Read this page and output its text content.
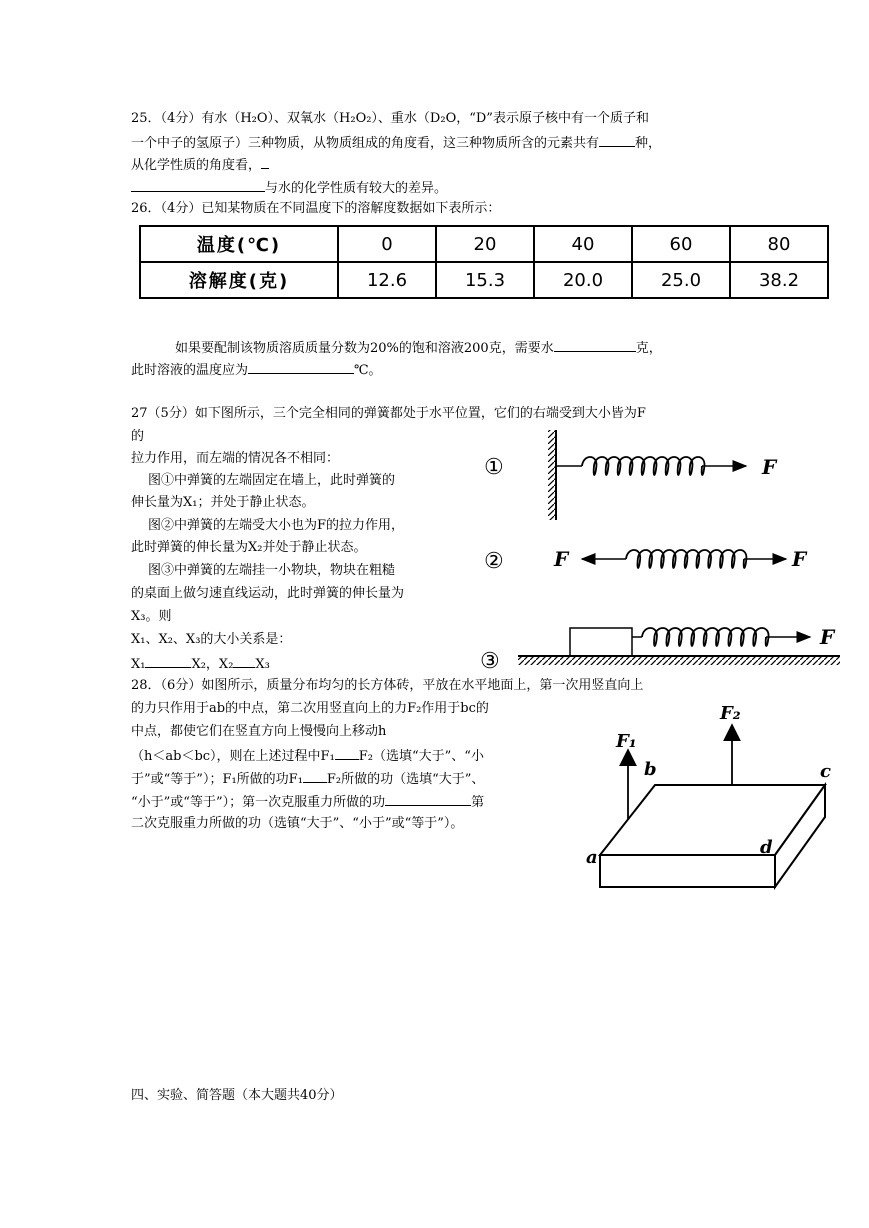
25．（4分）有水（H₂O）、双氧水（H₂O₂）、重水（D₂O，“D”表示原子核中有一个质子和
一个中子的氢原子）三种物质，从物质组成的角度看，这三种物质所含的元素共有	种，
从化学性质的角度看，
与水的化学性质有较大的差异。
26．（4分）已知某物质在不同温度下的溶解度数据如下表所示：
温度(℃)	0	20	40	60	80
溶解度(克)	12.6	15.3	20.0	25.0	38.2
如果要配制该物质溶质质量分数为20%的饱和溶液200克，需要水	克，
此时溶液的温度应为	℃。
27（5分）如下图所示，三个完全相同的弹簧都处于水平位置，它们的右端受到大小皆为F
的
拉力作用，而左端的情况各不相同：
图①中弹簧的左端固定在墙上，此时弹簧的
伸长量为X₁；并处于静止状态。
图②中弹簧的左端受大小也为F的拉力作用，
此时弹簧的伸长量为X₂并处于静止状态。
图③中弹簧的左端挂一小物块，物块在粗糙
的桌面上做匀速直线运动，此时弹簧的伸长量为
X₃。则
X₁、X₂、X₃的大小关系是：
X₁	X₂，X₂ X₃
①	F
②	F	F
③
F
28．（6分）如图所示，质量分布均匀的长方体砖，平放在水平地面上，第一次用竖直向上
的力只作用于ab的中点，第二次用竖直向上的力F₂作用于bc的
中点，都使它们在竖直方向上慢慢向上移动h
（h＜ab＜bc），则在上述过程中F₁ F₂（选填“大于”、“小
于”或“等于”）；F₁所做的功F₁ F₂所做的功（选填“大于”、
“小于”或“等于”）；第一次克服重力所做的功	第
二次克服重力所做的功（选镇“大于”、“小于”或“等于”）。
F₁
F₂
b	c
a	d
四、实验、简答题（本大题共40分）
